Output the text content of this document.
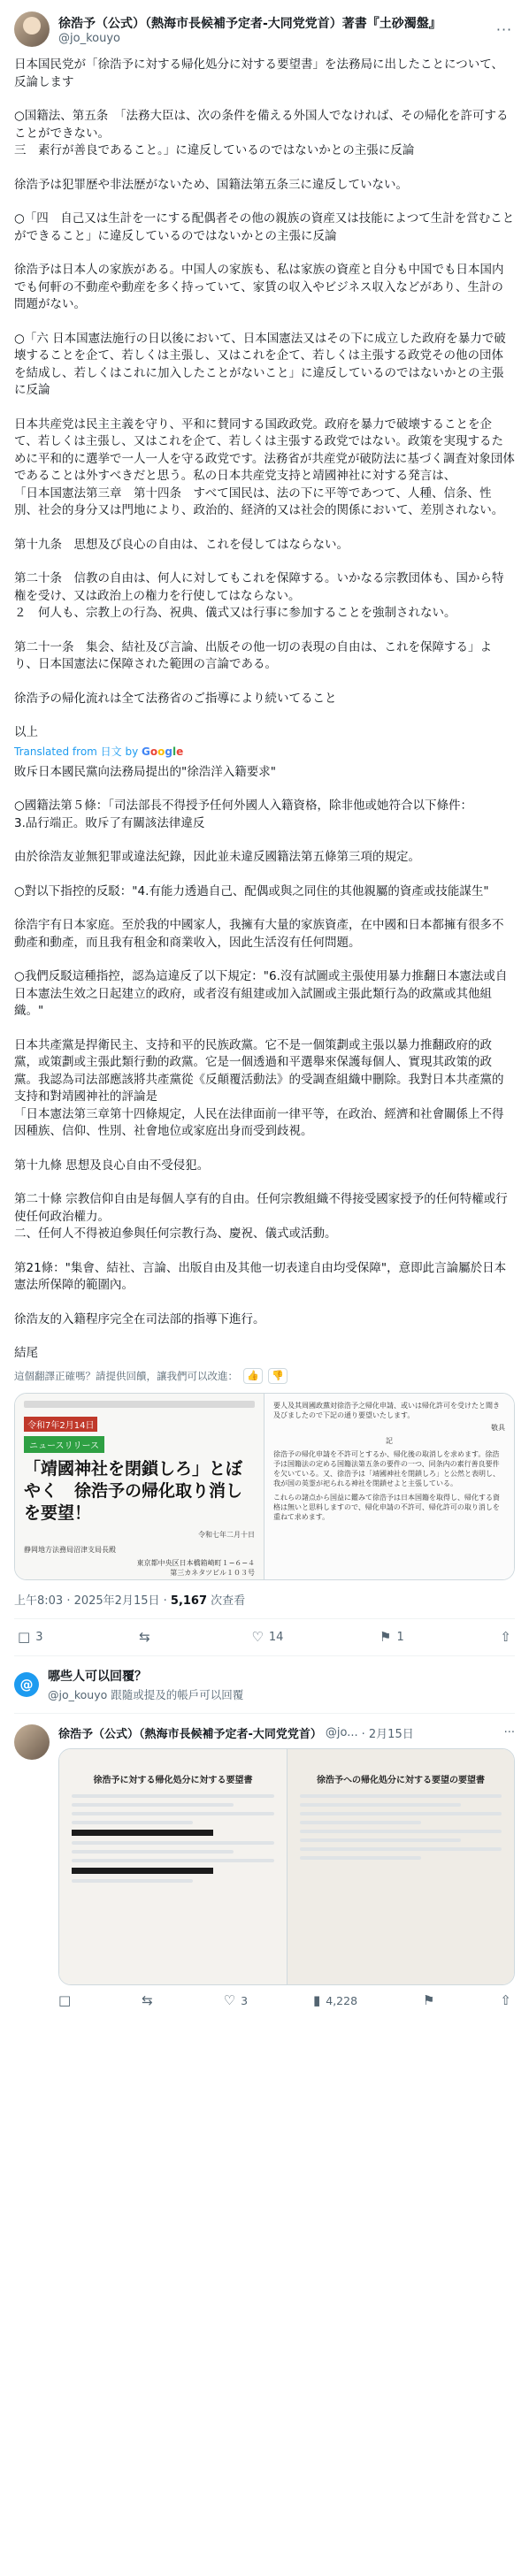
徐浩予（公式）（熱海市長候補予定者-大同党党首）著書『土砂濁盤』
@jo_kouyo
···
日本国民党が「徐浩予に対する帰化処分に対する要望書」を法務局に出したことについて、反論します
○国籍法、第五条　「法務大臣は、次の条件を備える外国人でなければ、その帰化を許可することができない。
三　素行が善良であること。」に違反しているのではないかとの主張に反論
徐浩予は犯罪歴や非法歴がないため、国籍法第五条三に違反していない。
○「四　自己又は生計を一にする配偶者その他の親族の資産又は技能によつて生計を営むことができること」に違反しているのではないかとの主張に反論
徐浩予は日本人の家族がある。中国人の家族も、私は家族の資産と自分も中国でも日本国内でも何軒の不動産や動産を多く持っていて、家賃の収入やビジネス収入などがあり、生計の問題がない。
○「六 日本国憲法施行の日以後において、日本国憲法又はその下に成立した政府を暴力で破壊することを企て、若しくは主張し、又はこれを企て、若しくは主張する政党その他の団体を結成し、若しくはこれに加入したことがないこと」に違反しているのではないかとの主張に反論
日本共産党は民主主義を守り、平和に賛同する国政政党。政府を暴力で破壊することを企て、若しくは主張し、又はこれを企て、若しくは主張する政党ではない。政策を実現するために平和的に選挙で一人一人を守る政党です。法務省が共産党が破防法に基づく調査対象団体であることは外すべきだと思う。私の日本共産党支持と靖國神社に対する発言は、
「日本国憲法第三章　第十四条　すべて国民は、法の下に平等であつて、人種、信条、性別、社会的身分又は門地により、政治的、経済的又は社会的関係において、差別されない。
第十九条　思想及び良心の自由は、これを侵してはならない。
第二十条　信教の自由は、何人に対してもこれを保障する。いかなる宗教団体も、国から特権を受け、又は政治上の権力を行使してはならない。
２　何人も、宗教上の行為、祝典、儀式又は行事に参加することを強制されない。
第二十一条　集会、結社及び言論、出版その他一切の表現の自由は、これを保障する」より、日本国憲法に保障された範囲の言論である。
徐浩予の帰化流れは全て法務省のご指導により続いてること
以上
Translated from 日文 by Google
敗斥日本國民黨向法務局提出的"徐浩洋入籍要求"
○國籍法第５條：「司法部長不得授予任何外國人入籍資格，除非他或她符合以下條件：
3.品行端正。敗斥了有關該法律違反
由於徐浩友並無犯罪或違法紀錄，因此並未違反國籍法第五條第三項的規定。
○對以下指控的反駁："4.有能力透過自己、配偶或與之同住的其他親屬的資產或技能謀生"
徐浩宇有日本家庭。至於我的中國家人，我擁有大量的家族資產，在中國和日本都擁有很多不動產和動產，而且我有租金和商業收入，因此生活沒有任何問題。
○我們反駁這種指控，認為這違反了以下規定："6.沒有試圖或主張使用暴力推翻日本憲法或自日本憲法生效之日起建立的政府，或者沒有組建或加入試圖或主張此類行為的政黨或其他組織。"
日本共產黨是捍衛民主、支持和平的民族政黨。它不是一個策劃或主張以暴力推翻政府的政黨，或策劃或主張此類行動的政黨。它是一個透過和平選舉來保護每個人、實現其政策的政黨。我認為司法部應該將共產黨從《反顛覆活動法》的受調查組織中刪除。我對日本共產黨的支持和對靖國神社的評論是
「日本憲法第三章第十四條規定，人民在法律面前一律平等，在政治、經濟和社會關係上不得因種族、信仰、性別、社會地位或家庭出身而受到歧視。
第十九條 思想及良心自由不受侵犯。
第二十條 宗教信仰自由是每個人享有的自由。任何宗教組織不得接受國家授予的任何特權或行使任何政治權力。
二、任何人不得被迫參與任何宗教行為、慶祝、儀式或活動。
第21條："集會、結社、言論、出版自由及其他一切表達自由均受保障"，意即此言論屬於日本憲法所保障的範圍內。
徐浩友的入籍程序完全在司法部的指導下進行。
結尾
這個翻譯正確嗎？請提供回饋，讓我們可以改進： 👍	👎
令和7年2月14日
ニュースリリース
「靖國神社を閉鎖しろ」とぼやく　徐浩予の帰化取り消しを要望！
令和七年二月十日
静岡地方法務局沼津支局長殿
東京都中央区日本橋箱崎町１−６−４
第三カネタツビル１０３号
要人及其周國政黨対徐浩予之帰化申請、或いは帰化許可を受けたと聞き及びましたので下記の通り要望いたします。
敬具
記
徐浩予の帰化申請を不許可とするか、帰化後の取消しを求めます。徐浩予は国籍法の定める国籍法第五条の要件の一つ、同条内の素行善良要件を欠いている。又、徐浩予は「靖國神社を閉鎖しろ」と公然と表明し、我が国の英霊が祀られる神社を閉鎖せよと主張している。
これらの諸点から国益に鑑みて徐浩予は日本国籍を取得し、帰化する資格は無いと思料しますので、帰化申請の不許可、帰化許可の取り消しを重ねて求めます。
上午8:03 · 2025年2月15日 · 5,167 次查看
□ 3	⇆	♡ 14	⚑ 1	⇧
@	哪些人可以回覆？
@jo_kouyo 跟隨或提及的帳戶可以回覆
徐浩予（公式）（熱海市長候補予定者-大同党党首） @jo... · 2月15日	···
徐浩予に対する帰化処分に対する要望書	徐浩予への帰化処分に対する要望の要望書
□	⇆	♡ 3	▮ 4,228	⚑	⇧
